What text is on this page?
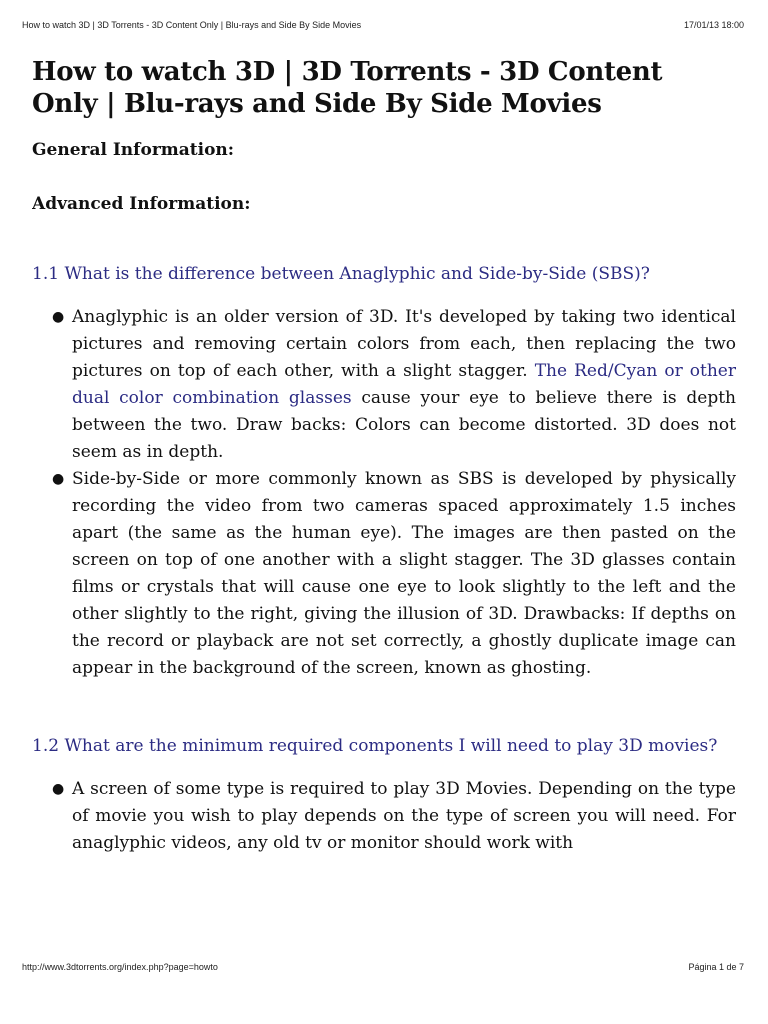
How to watch 3D | 3D Torrents - 3D Content Only | Blu-rays and Side By Side Movies	17/01/13 18:00
How to watch 3D | 3D Torrents - 3D Content Only | Blu-rays and Side By Side Movies
General Information:
Advanced Information:
1.1 What is the difference between Anaglyphic and Side-by-Side (SBS)?
● Anaglyphic is an older version of 3D. It's developed by taking two identical pictures and removing certain colors from each, then replacing the two pictures on top of each other, with a slight stagger. The Red/Cyan or other dual color combination glasses cause your eye to believe there is depth between the two. Draw backs: Colors can become distorted. 3D does not seem as in depth.
● Side-by-Side or more commonly known as SBS is developed by physically recording the video from two cameras spaced approximately 1.5 inches apart (the same as the human eye). The images are then pasted on the screen on top of one another with a slight stagger. The 3D glasses contain films or crystals that will cause one eye to look slightly to the left and the other slightly to the right, giving the illusion of 3D. Drawbacks: If depths on the record or playback are not set correctly, a ghostly duplicate image can appear in the background of the screen, known as ghosting.
1.2 What are the minimum required components I will need to play 3D movies?
● A screen of some type is required to play 3D Movies. Depending on the type of movie you wish to play depends on the type of screen you will need. For anaglyphic videos, any old tv or monitor should work with
http://www.3dtorrents.org/index.php?page=howto	Página 1 de 7
